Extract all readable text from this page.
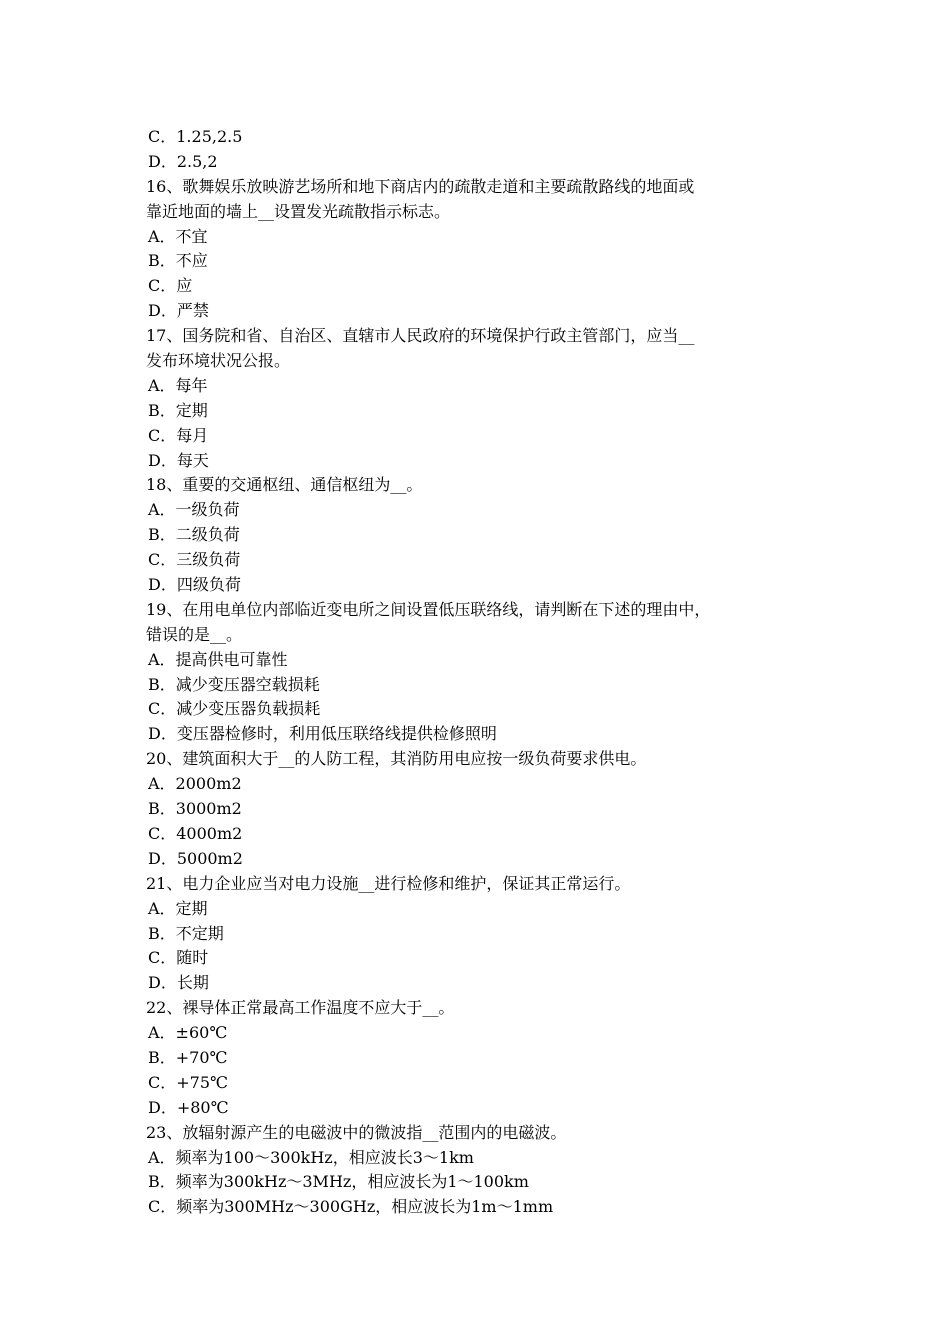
C．1.25,2.5
D．2.5,2
16、歌舞娱乐放映游艺场所和地下商店内的疏散走道和主要疏散路线的地面或
靠近地面的墙上__设置发光疏散指示标志。
A．不宜
B．不应
C．应
D．严禁
17、国务院和省、自治区、直辖市人民政府的环境保护行政主管部门，应当__
发布环境状况公报。
A．每年
B．定期
C．每月
D．每天
18、重要的交通枢纽、通信枢纽为__。
A．一级负荷
B．二级负荷
C．三级负荷
D．四级负荷
19、在用电单位内部临近变电所之间设置低压联络线，请判断在下述的理由中，
错误的是__。
A．提高供电可靠性
B．减少变压器空载损耗
C．减少变压器负载损耗
D．变压器检修时，利用低压联络线提供检修照明
20、建筑面积大于__的人防工程，其消防用电应按一级负荷要求供电。
A．2000m2
B．3000m2
C．4000m2
D．5000m2
21、电力企业应当对电力设施__进行检修和维护，保证其正常运行。
A．定期
B．不定期
C．随时
D．长期
22、裸导体正常最高工作温度不应大于__。
A．±60℃
B．+70℃
C．+75℃
D．+80℃
23、放辐射源产生的电磁波中的微波指__范围内的电磁波。
A．频率为100～300kHz，相应波长3～1km
B．频率为300kHz～3MHz，相应波长为1～100km
C．频率为300MHz～300GHz，相应波长为1m～1mm
